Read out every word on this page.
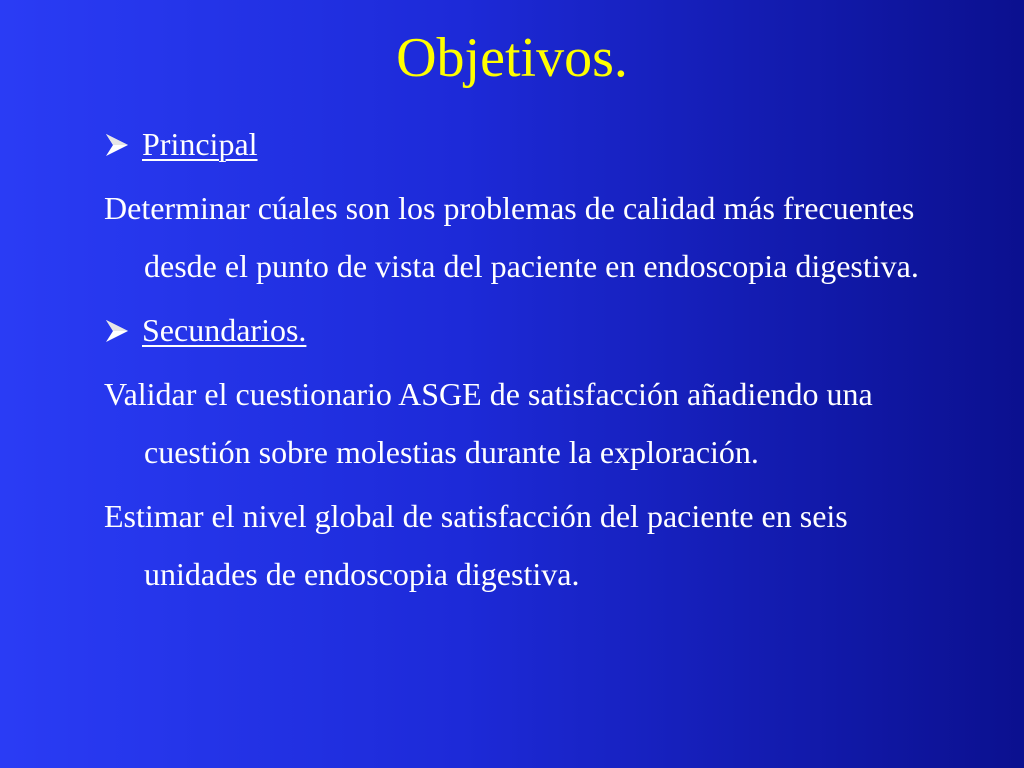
Objetivos.
Principal

Determinar cúales son los problemas de calidad más frecuentes desde el punto de vista del paciente en endoscopia digestiva.

Secundarios.

Validar el cuestionario ASGE de satisfacción añadiendo una cuestión sobre molestias durante la exploración.

Estimar el nivel global de satisfacción del paciente en seis unidades de endoscopia digestiva.
